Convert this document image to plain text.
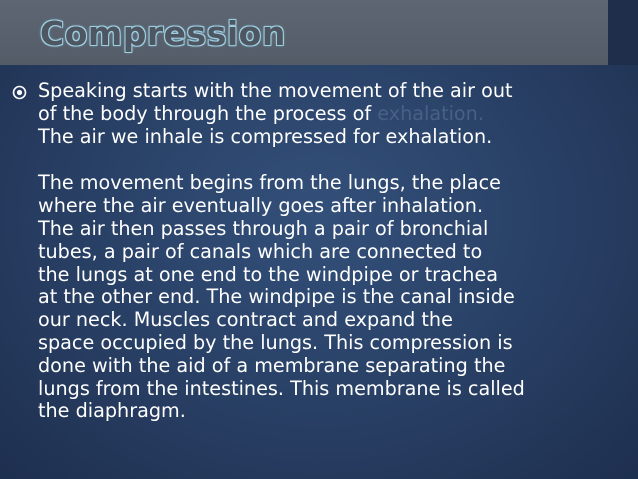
Compression
Speaking starts with the movement of the air out
of the body through the process of exhalation.
The air we inhale is compressed for exhalation.
The movement begins from the lungs, the place
where the air eventually goes after inhalation.
The air then passes through a pair of bronchial
tubes, a pair of canals which are connected to
the lungs at one end to the windpipe or trachea
at the other end. The windpipe is the canal inside
our neck. Muscles contract and expand the
space occupied by the lungs. This compression is
done with the aid of a membrane separating the
lungs from the intestines. This membrane is called
the diaphragm.
